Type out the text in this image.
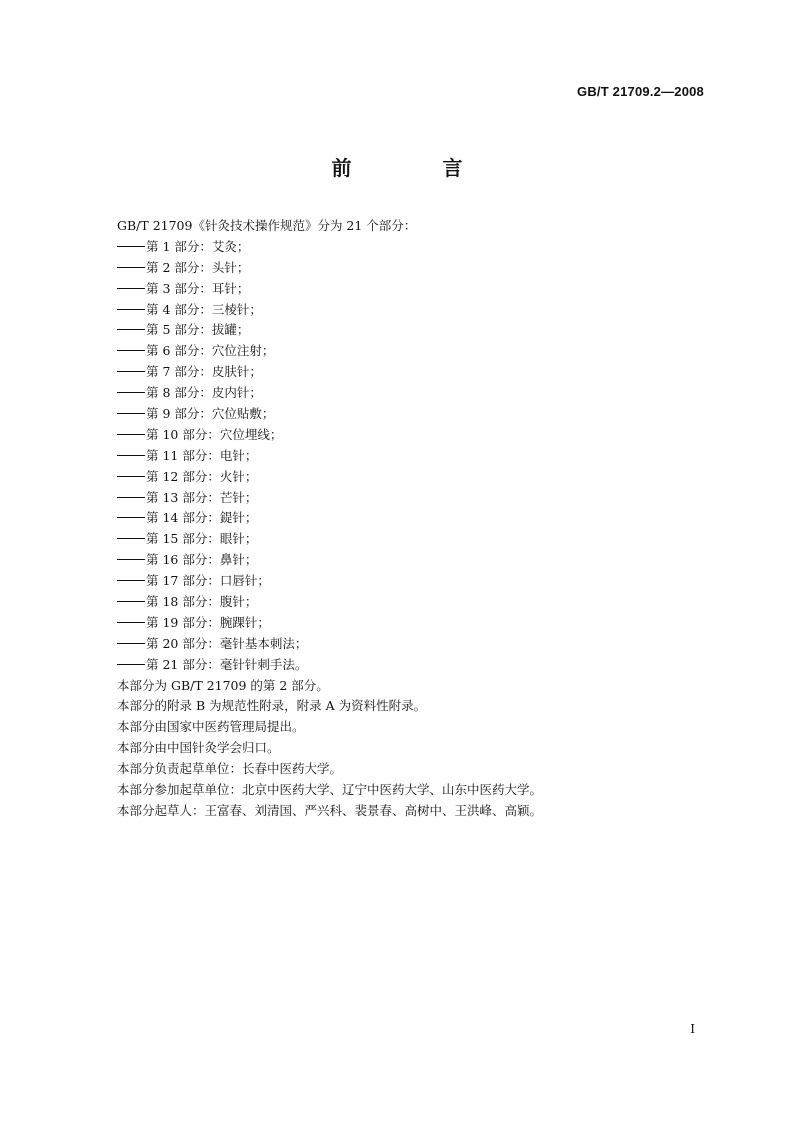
GB/T 21709.2—2008
前 言
GB/T 21709《针灸技术操作规范》分为 21 个部分：
第 1 部分：艾灸；
第 2 部分：头针；
第 3 部分：耳针；
第 4 部分：三棱针；
第 5 部分：拔罐；
第 6 部分：穴位注射；
第 7 部分：皮肤针；
第 8 部分：皮内针；
第 9 部分：穴位贴敷；
第 10 部分：穴位埋线；
第 11 部分：电针；
第 12 部分：火针；
第 13 部分：芒针；
第 14 部分：鍉针；
第 15 部分：眼针；
第 16 部分：鼻针；
第 17 部分：口唇针；
第 18 部分：腹针；
第 19 部分：腕踝针；
第 20 部分：毫针基本刺法；
第 21 部分：毫针针刺手法。
本部分为 GB/T 21709 的第 2 部分。
本部分的附录 B 为规范性附录，附录 A 为资料性附录。
本部分由国家中医药管理局提出。
本部分由中国针灸学会归口。
本部分负责起草单位：长春中医药大学。
本部分参加起草单位：北京中医药大学、辽宁中医药大学、山东中医药大学。
本部分起草人：王富春、刘清国、严兴科、裴景春、高树中、王洪峰、高颖。
I
